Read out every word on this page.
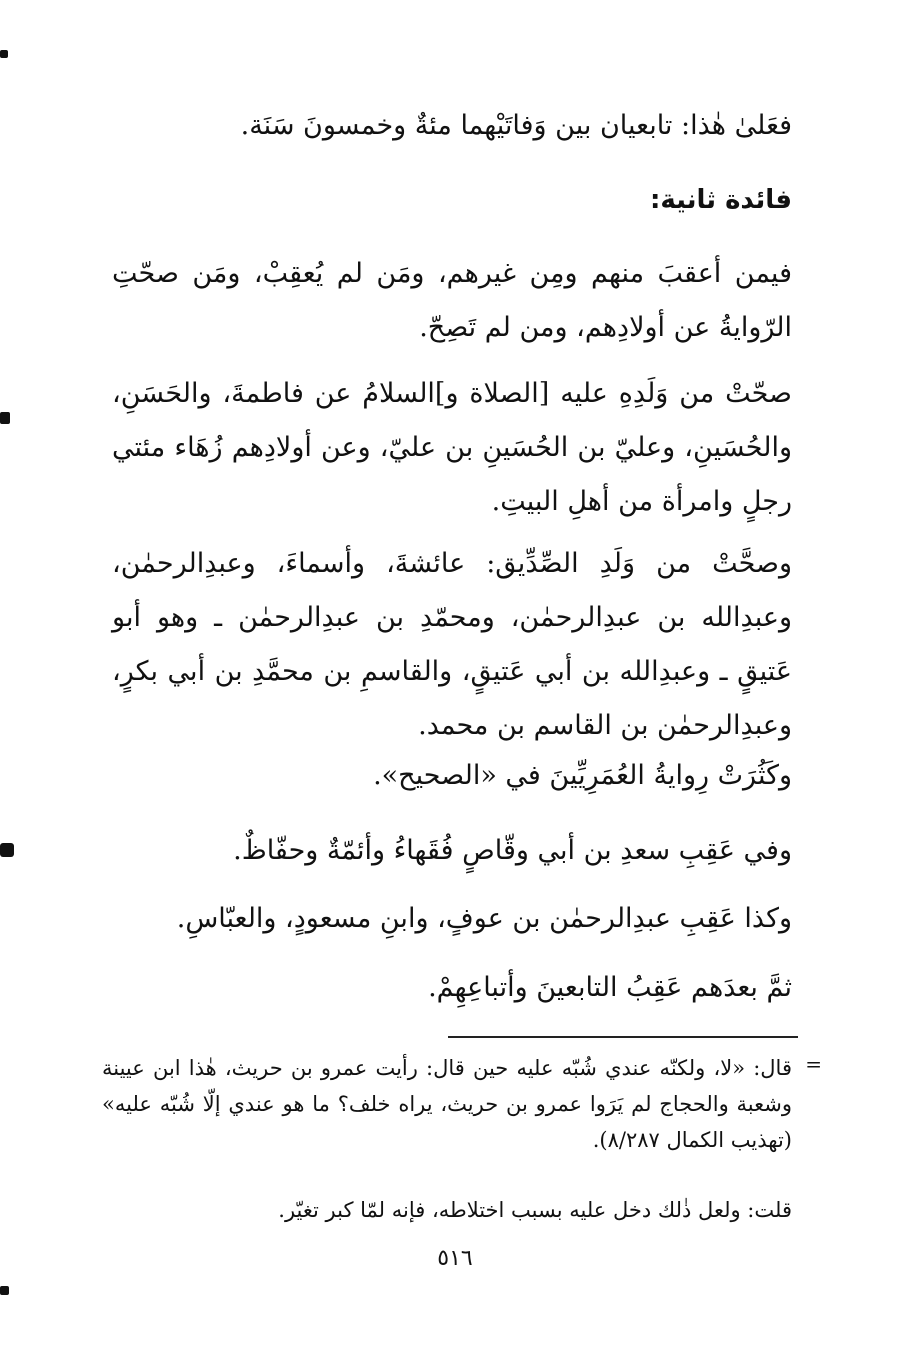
فعَلىٰ هٰذا: تابعيان بين وَفاتَيْهما مئةٌ وخمسونَ سَنَة.
فائدة ثانية:
فيمن أعقبَ منهم ومِن غيرهم، ومَن لم يُعقِبْ، ومَن صحّتِ الرّوايةُ عن أولادِهم، ومن لم تَصِحّ.
صحّتْ من وَلَدِهِ عليه [الصلاة و]السلامُ عن فاطمةَ، والحَسَنِ، والحُسَينِ، وعليّ بن الحُسَينِ بن عليّ، وعن أولادِهم زُهَاء مئتي رجلٍ وامرأة من أهلِ البيتِ.
وصحَّتْ من وَلَدِ الصِّدِّيق: عائشةَ، وأسماءَ، وعبدِالرحمٰن، وعبدِالله بن عبدِالرحمٰن، ومحمّدِ بن عبدِالرحمٰن ـ وهو أبو عَتيقٍ ـ وعبدِالله بن أبي عَتيقٍ، والقاسمِ بن محمَّدِ بن أبي بكرٍ، وعبدِالرحمٰن بن القاسم بن محمد.
وكَثُرَتْ رِوايةُ العُمَرِيِّينَ في «الصحيح».
وفي عَقِبِ سعدِ بن أبي وقّاصٍ فُقَهاءُ وأئمّةٌ وحفّاظٌ.
وكذا عَقِبِ عبدِالرحمٰن بن عوفٍ، وابنِ مسعودٍ، والعبّاسِ.
ثمَّ بعدَهم عَقِبُ التابعينَ وأتباعِهِمْ.
=
قال: «لا، ولكنّه عندي شُبّه عليه حين قال: رأيت عمرو بن حريث، هٰذا ابن عيينة وشعبة والحجاج لم يَرَوا عمرو بن حريث، يراه خلف؟ ما هو عندي إلّا شُبّه عليه» (تهذيب الكمال ٨/٢٨٧).
قلت: ولعل ذٰلك دخل عليه بسبب اختلاطه، فإنه لمّا كبر تغيّر.
٥١٦
